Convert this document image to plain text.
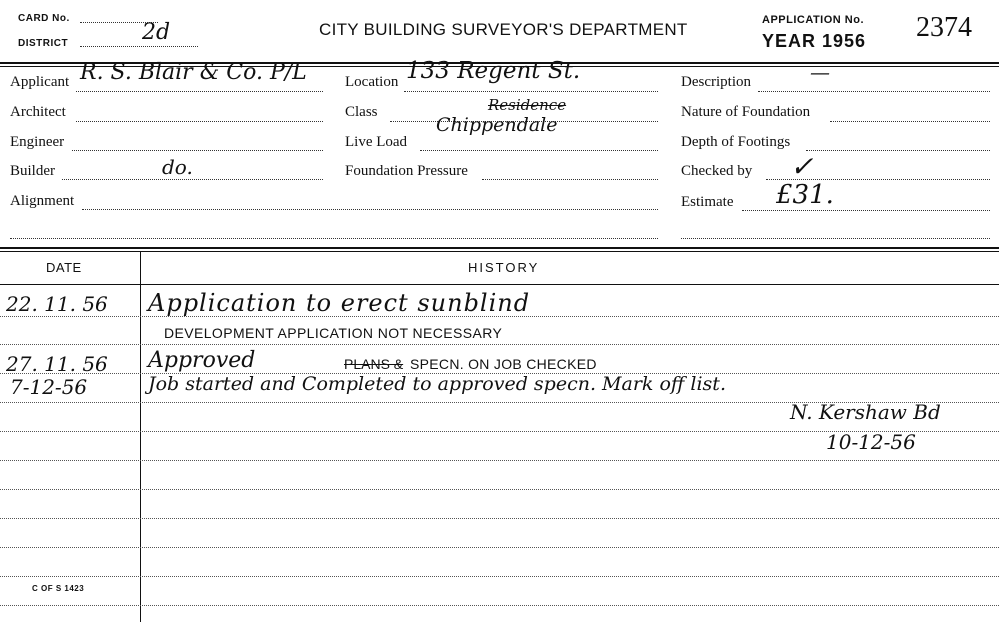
CARD No.
DISTRICT	2d	CITY BUILDING SURVEYOR'S DEPARTMENT	APPLICATION No.
YEAR 1956 2374
Applicant R. S. Blair & Co. P/L
Architect
Engineer
Builder	do.
Alignment
Location 133 Regent St.
Class	Residence
Chippendale
Live Load
Foundation Pressure
Description	—
Nature of Foundation
Depth of Footings
Checked by ✓
Estimate £31.
DATE	HISTORY
22. 11. 56 Application to erect sunblind
DEVELOPMENT APPLICATION NOT NECESSARY
27. 11. 56 Approved	PLANS & SPECN. ON JOB CHECKED
7-12-56	Job started and Completed to approved specn. Mark off list.
N. Kershaw Bd
10-12-56
C OF S 1423
